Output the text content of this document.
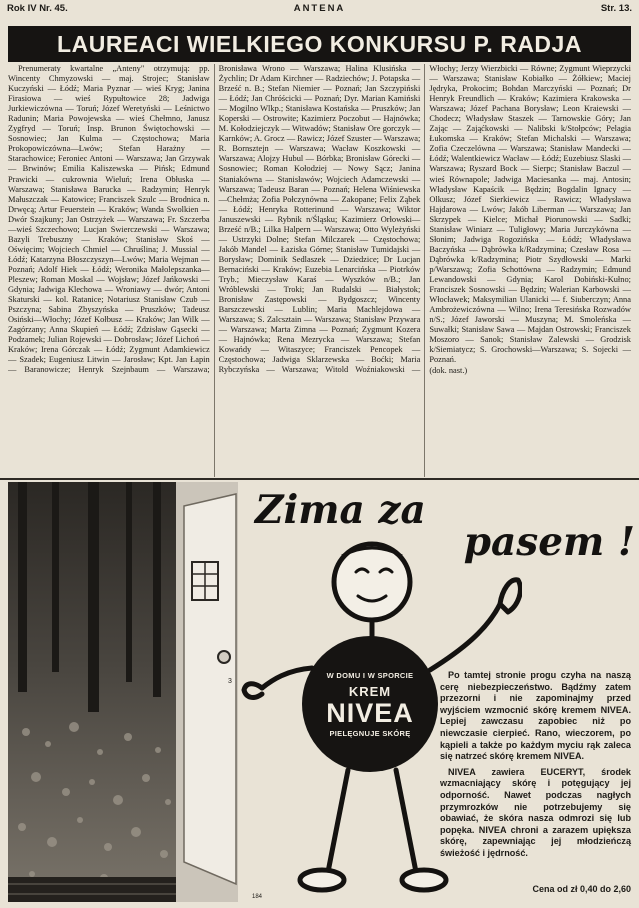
Rok IV Nr. 45.	ANTENA	Str. 13.
LAUREACI WIELKIEGO KONKURSU P. RADJA

Prenumeraty kwartalne „Anteny" otrzymują: pp. Wincenty Chmyzowski — maj. Strojec; Stanisław Kuczyński — Łódź; Maria Pyznar — wieś Kryg; Janina Firasiowa — wieś Rypułtowice 28; Jadwiga Jurkiewiczówna — Toruń; Józef Weretyński — Leśnictwo Radunin; Maria Powojewska — wieś Chełmno, Janusz Zygfryd — Toruń; Insp. Brunon Świętochowski — Sosnowiec; Jan Kulma — Częstochowa; Maria Prokopowiczówna—Lwów; Stefan Harażny — Starachowice; Feroniec Antoni — Warszawa; Jan Grzywak — Brwinów; Emilia Kaliszewska — Pińsk; Edmund Prawicki — cukrownia Wieluń; Irena Obłuska — Warszawa; Stanisława Barucka — Radzymin; Henryk Małuszczak — Katowice; Franciszek Szulc — Brodnica n. Drwęcą; Artur Feuerstein — Kraków; Wanda Swolkien — Dwór Szajkuny; Jan Ostrzyżek — Warszawa; Fr. Szczerba—wieś Szczechowo; Lucjan Swierczewski — Warszawa; Bazyli Trebuszny — Kraków; Stanisław Skoś — Oświęcim; Wojciech Chmiel — Chruślina; J. Mussial — Łódź; Katarzyna Błoszczyszyn—Lwów; Maria Wejman — Poznań; Adolf Hiek — Łódź; Weronika Małolepszanka—Pleszew; Roman Moskal — Wojsław; Józef Jańkowski — Gdynia; Jadwiga Klechowa — Wroniawy — dwór; Antoni Skaturski — kol. Ratanice; Notariusz Stanisław Czub — Pszczyna; Sabina Zbyszyńska — Pruszków; Tadeusz Osiński—Włochy; Józef Kołbusz — Kraków; Jan Wilk — Zagórzany; Anna Skupień — Łódź; Zdzisław Gąsecki — Podzamek; Julian Rojewski — Dobrosław; Józef Lichoń — Kraków; Irena Górczak — Łódź; Zygmunt Adamkiewicz — Szadek; Eugeniusz Litwin — Jarosław; Kpt. Jan Łapin — Baranowicze; Henryk Szejnbaum — Warszawa; Bronisława Wrono — Warszawa; Halina Klusińska — Żychlin; Dr Adam Kirchner — Radziechów; J. Potapska — Brześć n. B.; Stefan Niemier — Poznań; Jan Szczypiński — Łódź; Jan Chróścicki — Poznań; Dyr. Marian Kamiński — Mogilno Wlkp.; Stanisława Kostańska — Pruszków; Jan Koperski — Ostrowite; Kazimierz Poczobut — Hajnówka; M. Kołodziejczyk — Witwadów; Stanisław Ore gorczyk — Karnków; A. Grocz — Rawicz; Józef Szuster — Warszawa; R. Bornsztejn — Warszawa; Wacław Koszkowski — Warszawa; Alojzy Hubul — Bórbka; Bronisław Górecki — Sosnowiec; Roman Kołodziej — Nowy Sącz; Janina Staniakówna — Stanisławów; Wojciech Adamczewski — Warszawa; Tadeusz Baran — Poznań; Helena Wiśniewska—Chełmża; Zofia Połczynówna — Zakopane; Felix Ząbek — Łódź; Henryka Rotterinund — Warszawa; Wiktor Januszewski — Rybnik n/Śląsku; Kazimierz Orłowski—Brześć n/B.; Lilka Halpern — Warszawa; Otto Wyleżyński — Ustrzyki Dolne; Stefan Milczarek — Częstochowa; Jakób Mandel — Łaziska Górne; Stanisław Tumidajski — Borysław; Dominik Sedlaszek — Dziedzice; Dr Lucjan Bernaciński — Kraków; Euzebia Lenarcińska — Piotrków Tryb.; Mieczysław Karaś — Wyszków n/B.; Jan Wróblewski — Troki; Jan Rudalski — Białystok; Bronisław Zastępowski — Bydgoszcz; Wincenty Barszczewski — Lublin; Maria Machlejdowa — Warszawa; S. Zalcsztain — Warszawa; Stanisław Przywara — Warszawa; Marta Zimna — Poznań; Zygmunt Kozera — Hajnówka; Rena Mezrycka — Warszawa; Stefan Kowańdy — Witaszyce; Franciszek Pencopek — Częstochowa; Jadwiga Sklarzewska — Boćki; Maria Rybczyńska — Warszawa; Witold Woźniakowski — Włochy; Jerzy Wierzbicki — Równe; Zygmunt Wieprzycki — Warszawa; Stanisław Kobiałko — Żółkiew; Maciej Jędryka, Prokocim; Bohdan Marczyński — Poznań; Dr Henryk Freundlich — Kraków; Kazimiera Krakowska — Warszawa; Józef Pachana Borysław; Leon Kraiewski — Chodecz; Władysław Staszek — Tarnowskie Góry; Jan Zając — Zająćkowski — Nalibski k/Stołpców; Pelagia Łukomska — Kraków; Stefan Michalski — Warszawa; Zofia Czeczelówna — Warszawa; Stanisław Mandecki — Łódź; Walentkiewicz Wacław — Łódź; Euzebiusz Slaski — Warszawa; Ryszard Bock — Sierpc; Stanisław Baczul — wieś Równapole; Jadwiga Maciesanka — maj. Antosin; Władysław Kapaścik — Będzin; Bogdalin Ignacy — Olkusz; Józef Sierkiewicz — Rawicz; Władysława Hajdarowa — Lwów; Jakób Liberman — Warszawa; Jan Skrzypek — Kielce; Michał Piorunowski — Sadki; Stanisław Winiarz — Tuligłowy; Maria Jurczykówna — Słonim; Jadwiga Rogozińska — Łódź; Władysława Baczyńska — Dąbrówka k/Radzymina; Czesław Rosa — Dąbrówka k/Radzymina; Piotr Szydłowski — Marki p/Warszawą; Zofia Schottówna — Radzymin; Edmund Lewandowski — Gdynia; Karol Dobiński-Kułno; Franciszek Sosnowski — Będzin; Walerian Karbowski — Włocławek; Maksymilian Ulanicki — f. Siuberczyn; Anna Ambrożewiczówna — Wilno; Irena Teresińska Rozwadów n/S.; Józef Jaworski — Muszyna; M. Smoleńska — Suwałki; Stanisław Sawa — Majdan Ostrowski; Franciszek Moszoro — Sanok; Stanisław Zalewski — Grodzisk k/Siemiatycz; S. Grochowski—Warszawa; S. Sojecki — Poznań.

(dok. nast.)
3
Zima za
pasem !
W DOMU I W SPORCIE
KREM
NIVEA
PIELĘGNUJE SKÓRĘ

Po tamtej stronie progu czyha na naszą cerę niebezpieczeństwo. Bądźmy zatem przezorni i nie zapominajmy przed wyjściem wzmocnić skórę kremem NIVEA. Lepiej zawczasu zapobiec niż po niewczasie cierpieć. Rano, wieczorem, po kąpieli a także po każdym myciu rąk zaleca się natrzeć skórę kremem NIVEA.

NIVEA zawiera EUCERYT, środek wzmacniający skórę i potęgujący jej odporność. Nawet podczas nagłych przymrozków nie potrzebujemy się obawiać, że skóra nasza odmrozi się lub popęka. NIVEA chroni a zarazem upiększa skórę, zapewniając jej młodzieńczą świeżość i jędrność.

Cena od zł 0,40 do 2,60
184
